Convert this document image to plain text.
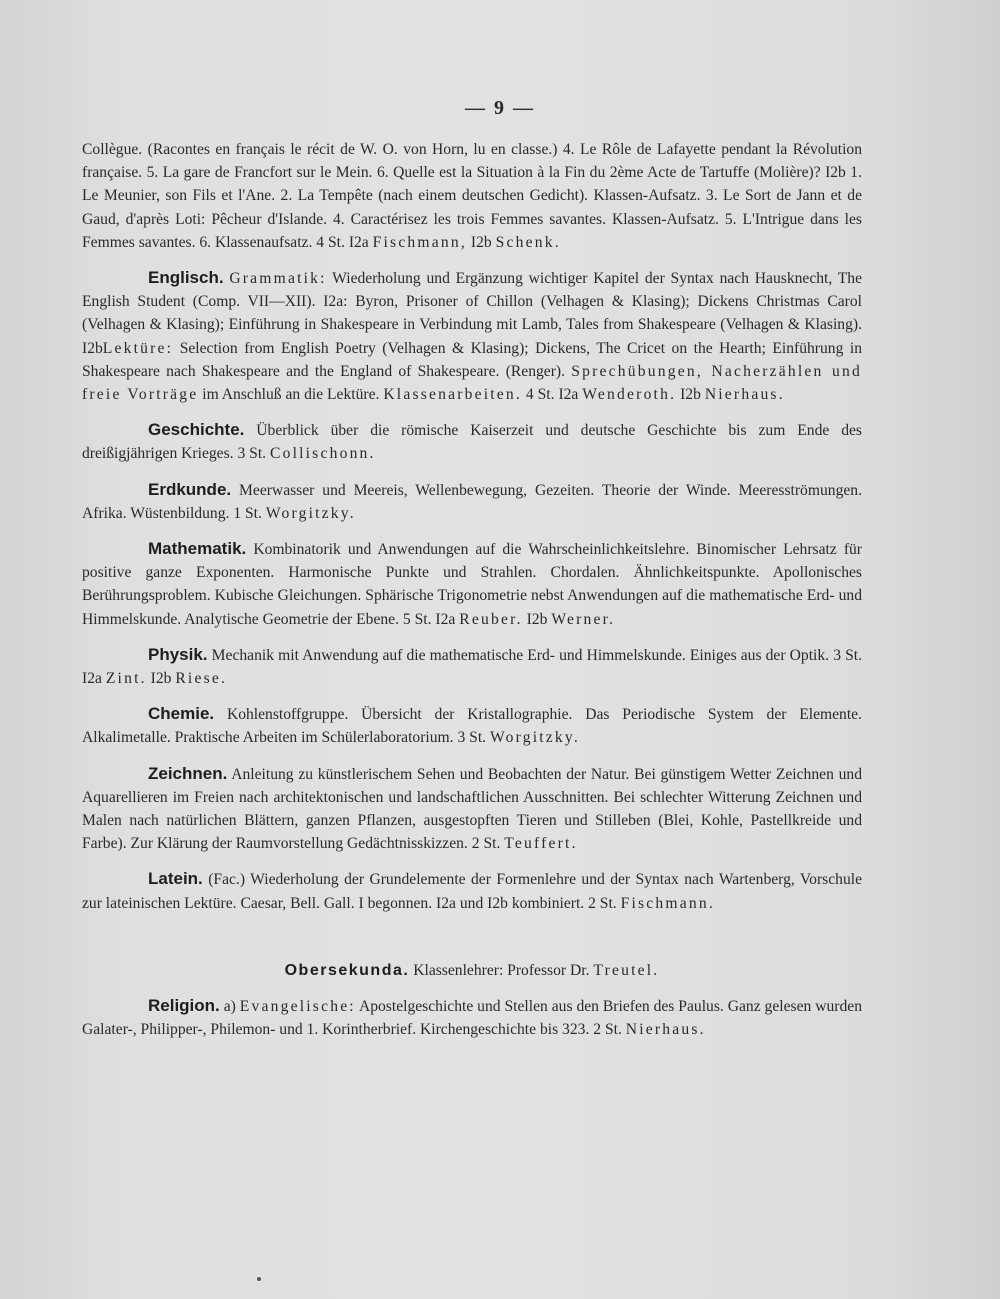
— 9 —

Collègue. (Racontes en français le récit de W. O. von Horn, lu en classe.) 4. Le Rôle de Lafayette pendant la Révolution française. 5. La gare de Francfort sur le Mein. 6. Quelle est la Situation à la Fin du 2ème Acte de Tartuffe (Molière)? I2b 1. Le Meunier, son Fils et l'Ane. 2. La Tempête (nach einem deutschen Gedicht). Klassen-Aufsatz. 3. Le Sort de Jann et de Gaud, d'après Loti: Pêcheur d'Islande. 4. Caractérisez les trois Femmes savantes. Klassen-Aufsatz. 5. L'Intrigue dans les Femmes savantes. 6. Klassenaufsatz. 4 St. I2a Fischmann, I2b Schenk.

Englisch. Grammatik: Wiederholung und Ergänzung wichtiger Kapitel der Syntax nach Hausknecht, The English Student (Comp. VII—XII). I2a: Byron, Prisoner of Chillon (Velhagen & Klasing); Dickens Christmas Carol (Velhagen & Klasing); Einführung in Shakespeare in Verbindung mit Lamb, Tales from Shakespeare (Velhagen & Klasing). I2bLektüre: Selection from English Poetry (Velhagen & Klasing); Dickens, The Cricet on the Hearth; Einführung in Shakespeare nach Shakespeare and the England of Shakespeare. (Renger). Sprechübungen, Nacherzählen und freie Vorträge im Anschluß an die Lektüre. Klassenarbeiten. 4 St. I2a Wenderoth. I2b Nierhaus.

Geschichte. Überblick über die römische Kaiserzeit und deutsche Geschichte bis zum Ende des dreißigjährigen Krieges. 3 St. Collischonn.

Erdkunde. Meerwasser und Meereis, Wellenbewegung, Gezeiten. Theorie der Winde. Meeresströmungen. Afrika. Wüstenbildung. 1 St. Worgitzky.

Mathematik. Kombinatorik und Anwendungen auf die Wahrscheinlichkeitslehre. Binomischer Lehrsatz für positive ganze Exponenten. Harmonische Punkte und Strahlen. Chordalen. Ähnlichkeitspunkte. Apollonisches Berührungsproblem. Kubische Gleichungen. Sphärische Trigonometrie nebst Anwendungen auf die mathematische Erd- und Himmelskunde. Analytische Geometrie der Ebene. 5 St. I2a Reuber. I2b Werner.

Physik. Mechanik mit Anwendung auf die mathematische Erd- und Himmelskunde. Einiges aus der Optik. 3 St. I2a Zint. I2b Riese.

Chemie. Kohlenstoffgruppe. Übersicht der Kristallographie. Das Periodische System der Elemente. Alkalimetalle. Praktische Arbeiten im Schülerlaboratorium. 3 St. Worgitzky.

Zeichnen. Anleitung zu künstlerischem Sehen und Beobachten der Natur. Bei günstigem Wetter Zeichnen und Aquarellieren im Freien nach architektonischen und landschaftlichen Ausschnitten. Bei schlechter Witterung Zeichnen und Malen nach natürlichen Blättern, ganzen Pflanzen, ausgestopften Tieren und Stilleben (Blei, Kohle, Pastellkreide und Farbe). Zur Klärung der Raumvorstellung Gedächtnisskizzen. 2 St. Teuffert.

Latein. (Fac.) Wiederholung der Grundelemente der Formenlehre und der Syntax nach Wartenberg, Vorschule zur lateinischen Lektüre. Caesar, Bell. Gall. I begonnen. I2a und I2b kombiniert. 2 St. Fischmann.

Obersekunda. Klassenlehrer: Professor Dr. Treutel.

Religion. a) Evangelische: Apostelgeschichte und Stellen aus den Briefen des Paulus. Ganz gelesen wurden Galater-, Philipper-, Philemon- und 1. Korintherbrief. Kirchengeschichte bis 323. 2 St. Nierhaus.
